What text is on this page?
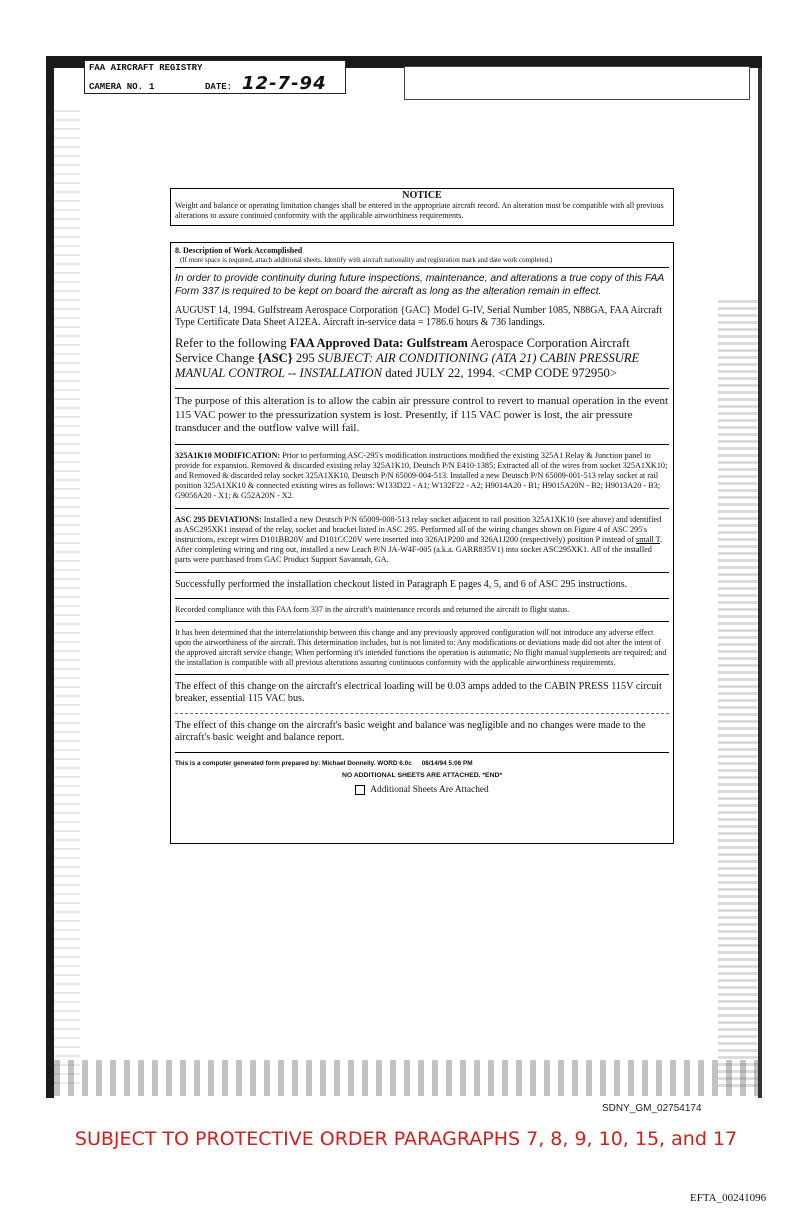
FAA AIRCRAFT REGISTRY
CAMERA NO. 1	DATE: 12-7-94
NOTICE
Weight and balance or operating limitation changes shall be entered in the appropriate aircraft record. An alteration must be compatible with all previous alterations to assure continued conformity with the applicable airworthiness requirements.
8. Description of Work Accomplished
(If more space is required, attach additional sheets. Identify with aircraft nationality and registration mark and date work completed.)

In order to provide continuity during future inspections, maintenance, and alterations a true copy of this FAA Form 337 is required to be kept on board the aircraft as long as the alteration remain in effect.

AUGUST 14, 1994. Gulfstream Aerospace Corporation {GAC} Model G-IV, Serial Number 1085, N88GA, FAA Aircraft Type Certificate Data Sheet A12EA. Aircraft in-service data = 1786.6 hours & 736 landings.

Refer to the following FAA Approved Data: Gulfstream Aerospace Corporation Aircraft Service Change {ASC} 295 SUBJECT: AIR CONDITIONING (ATA 21) CABIN PRESSURE MANUAL CONTROL -- INSTALLATION dated JULY 22, 1994. <CMP CODE 972950>

The purpose of this alteration is to allow the cabin air pressure control to revert to manual operation in the event 115 VAC power to the pressurization system is lost. Presently, if 115 VAC power is lost, the air pressure transducer and the outflow valve will fail.

325A1K10 MODIFICATION: Prior to performing ASC-295's modification instructions modified the existing 325A1 Relay & Junction panel to provide for expansion. Removed & discarded existing relay 325A1K10, Deutsch P/N E410-1385; Extracted all of the wires from socket 325A1XK10; and Removed & discarded relay socket 325A1XK10, Deutsch P/N 65009-004-513. Installed a new Deutsch P/N 65009-001-513 relay socket at rail position 325A1XK10 & connected existing wires as follows: W133D22 - A1; W132F22 - A2; H9014A20 - B1; H9015A20N - B2; H9013A20 - B3; G9056A20 - X1; & G52A20N - X2.

ASC 295 DEVIATIONS: Installed a new Deutsch P/N 65009-008-513 relay socket adjacent to rail position 325A1XK10 (see above) and identified as ASC295XK1 instead of the relay, socket and bracket listed in ASC 295. Performed all of the wiring changes shown on Figure 4 of ASC 295's instructions, except wires D101BB20V and D101CC20V were inserted into 326A1P200 and 326A1J200 (respectively) position P instead of small T. After completing wiring and ring out, installed a new Leach P/N JA-W4F-005 (a.k.a. GARR835V1) into socket ASC295XK1. All of the installed parts were purchased from GAC Product Support Savannah, GA.

Successfully performed the installation checkout listed in Paragraph E pages 4, 5, and 6 of ASC 295 instructions.

Recorded compliance with this FAA form 337 in the aircraft's maintenance records and returned the aircraft to flight status.

It has been determined that the interrelationship between this change and any previously approved configuration will not introduce any adverse effect upon the airworthiness of the aircraft. This determination includes, but is not limited to: Any modifications or deviations made did not alter the intent of the approved aircraft service change; When performing it's intended functions the operation is automatic; No flight manual supplements are required; and the installation is compatible with all previous alterations assuring continuous conformity with the applicable airworthiness requirements.

The effect of this change on the aircraft's electrical loading will be 0.03 amps added to the CABIN PRESS 115V circuit breaker, essential 115 VAC bus.

The effect of this change on the aircraft's basic weight and balance was negligible and no changes were made to the aircraft's basic weight and balance report.

This is a computer generated form prepared by: Michael Donnelly. WORD 6.0c 08/14/94 5:06 PM
NO ADDITIONAL SHEETS ARE ATTACHED. *END*
Additional Sheets Are Attached
SDNY_GM_02754174
SUBJECT TO PROTECTIVE ORDER PARAGRAPHS 7, 8, 9, 10, 15, and 17
EFTA_00241096
